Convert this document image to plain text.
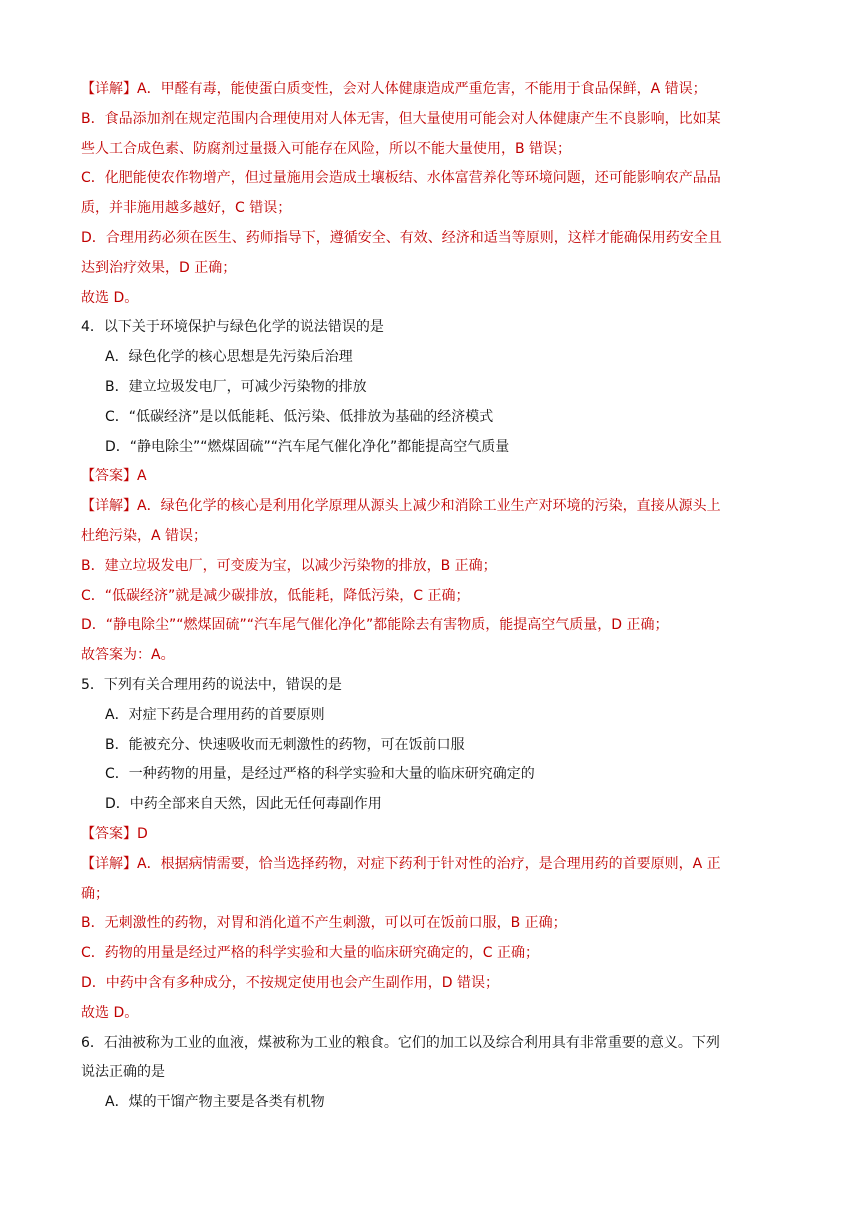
【详解】A．甲醛有毒，能使蛋白质变性，会对人体健康造成严重危害，不能用于食品保鲜，A 错误；
B．食品添加剂在规定范围内合理使用对人体无害，但大量使用可能会对人体健康产生不良影响，比如某
些人工合成色素、防腐剂过量摄入可能存在风险，所以不能大量使用，B 错误；
C．化肥能使农作物增产，但过量施用会造成土壤板结、水体富营养化等环境问题，还可能影响农产品品
质，并非施用越多越好，C 错误；
D．合理用药必须在医生、药师指导下，遵循安全、有效、经济和适当等原则，这样才能确保用药安全且
达到治疗效果，D 正确；
故选 D。
4．以下关于环境保护与绿色化学的说法错误的是
A．绿色化学的核心思想是先污染后治理
B．建立垃圾发电厂，可减少污染物的排放
C．“低碳经济”是以低能耗、低污染、低排放为基础的经济模式
D．“静电除尘”“燃煤固硫”“汽车尾气催化净化”都能提高空气质量
【答案】A
【详解】A．绿色化学的核心是利用化学原理从源头上减少和消除工业生产对环境的污染，直接从源头上
杜绝污染，A 错误；
B．建立垃圾发电厂，可变废为宝，以减少污染物的排放，B 正确；
C．“低碳经济”就是减少碳排放，低能耗，降低污染，C 正确；
D．“静电除尘”“燃煤固硫”“汽车尾气催化净化”都能除去有害物质，能提高空气质量，D 正确；
故答案为：A。
5．下列有关合理用药的说法中，错误的是
A．对症下药是合理用药的首要原则
B．能被充分、快速吸收而无刺激性的药物，可在饭前口服
C．一种药物的用量，是经过严格的科学实验和大量的临床研究确定的
D．中药全部来自天然，因此无任何毒副作用
【答案】D
【详解】A．根据病情需要，恰当选择药物，对症下药利于针对性的治疗，是合理用药的首要原则，A 正
确；
B．无刺激性的药物，对胃和消化道不产生刺激，可以可在饭前口服，B 正确；
C．药物的用量是经过严格的科学实验和大量的临床研究确定的，C 正确；
D．中药中含有多种成分，不按规定使用也会产生副作用，D 错误；
故选 D。
6．石油被称为工业的血液，煤被称为工业的粮食。它们的加工以及综合利用具有非常重要的意义。下列
说法正确的是
A．煤的干馏产物主要是各类有机物
